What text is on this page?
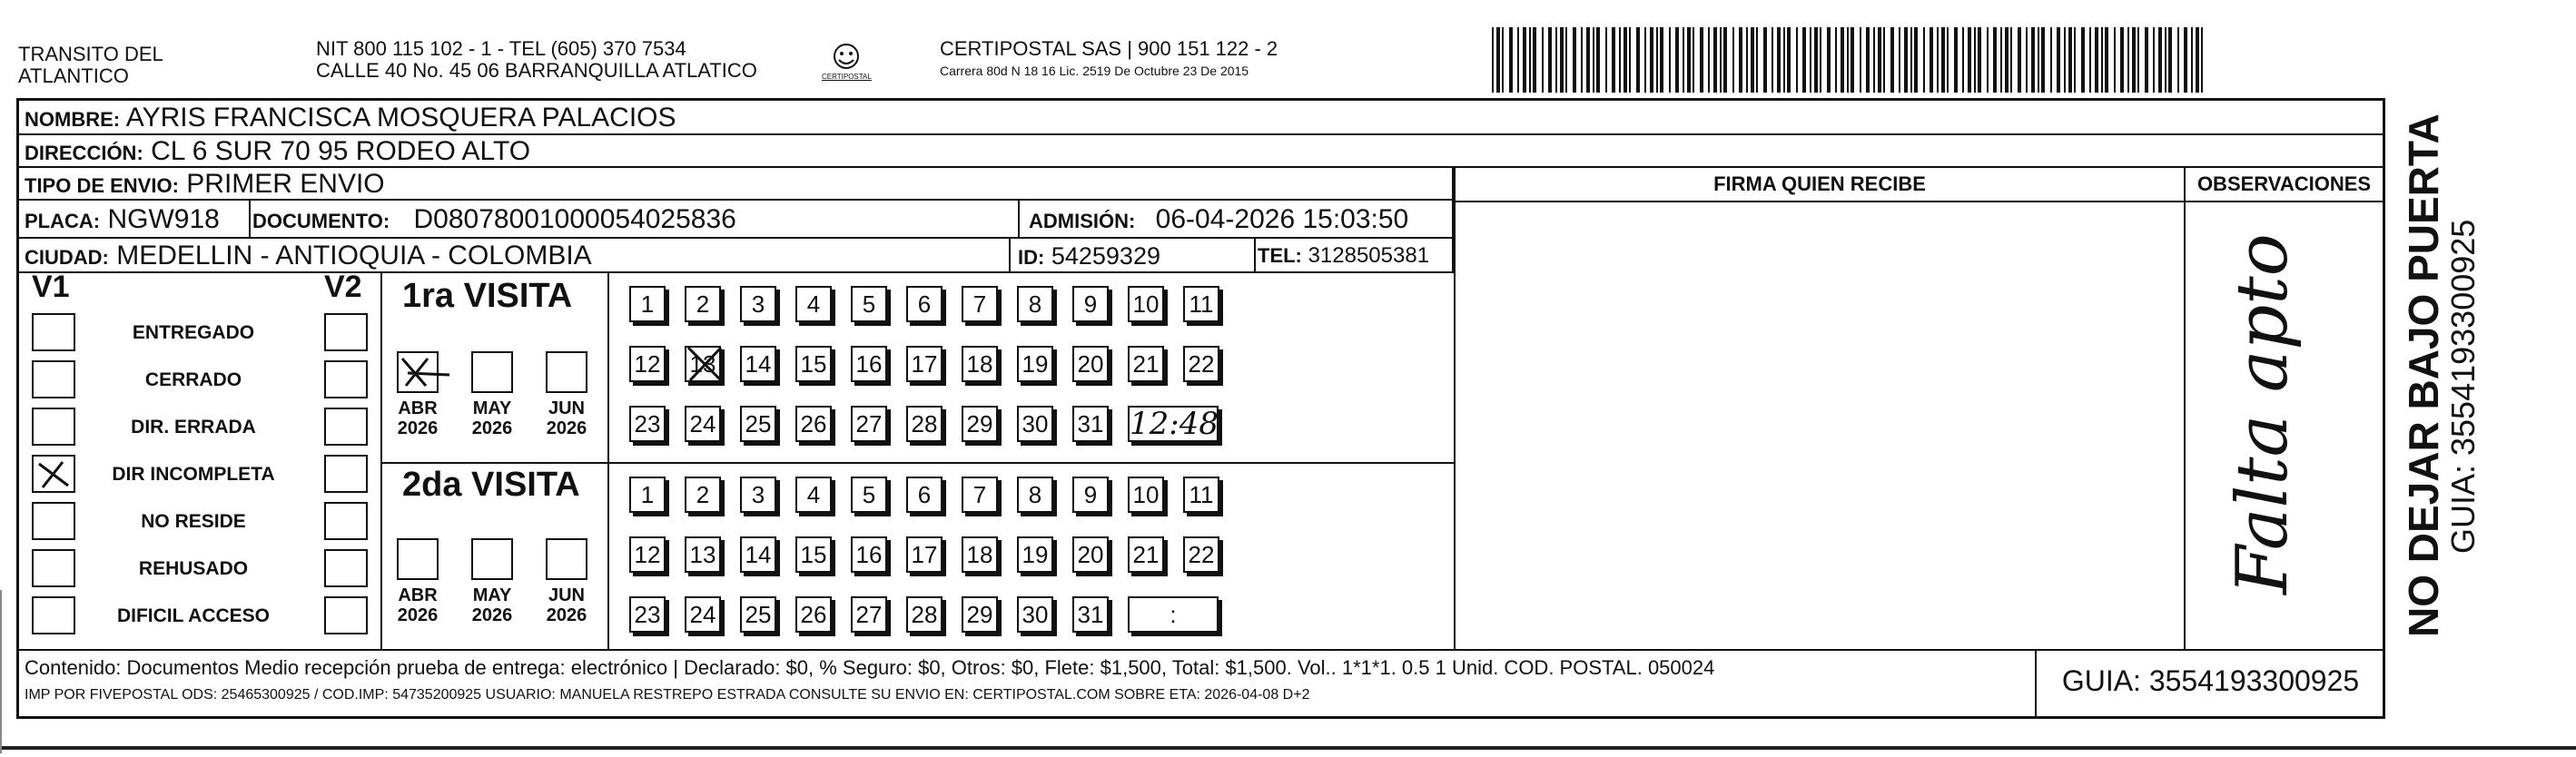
TRANSITO DEL
ATLANTICO
NIT 800 115 102 - 1 - TEL (605) 370 7534
CALLE 40 No. 45 06 BARRANQUILLA ATLATICO	CERTIPOSTAL
CERTIPOSTAL SAS | 900 151 122 - 2
Carrera 80d N 18 16 Lic. 2519 De Octubre 23 De 2015
NOMBRE: AYRIS FRANCISCA MOSQUERA PALACIOS
DIRECCIÓN: CL 6 SUR 70 95 RODEO ALTO
TIPO DE ENVIO: PRIMER ENVIO
PLACA: NGW918	DOCUMENTO: D08078001000054025836	ADMISIÓN: 06-04-2026 15:03:50
CIUDAD: MEDELLIN - ANTIOQUIA - COLOMBIA	ID: 54259329	TEL: 3128505381
FIRMA QUIEN RECIBE	OBSERVACIONES
Falta apto
V1	V2
ENTREGADO
CERRADO
DIR. ERRADA
DIR INCOMPLETA
NO RESIDE
REHUSADO
DIFICIL ACCESO
1ra VISITA
ABR
2026
MAY
2026
JUN
2026
1	2	3	4	5	6	7	8	9	10 11
12 13 14 15 16 17 18 19 20 21 22
23 24 25 26 27 28 29 30 31 12:48
2da VISITA
ABR
2026
MAY
2026
JUN
2026
1	2	3	4	5	6	7	8	9	10 11
12 13 14 15 16 17 18 19 20 21 22
23 24 25 26 27 28 29 30 31	:
Contenido: Documentos Medio recepción prueba de entrega: electrónico | Declarado: $0, % Seguro: $0, Otros: $0, Flete: $1,500, Total: $1,500. Vol.. 1*1*1. 0.5 1 Unid. COD. POSTAL. 050024
IMP POR FIVEPOSTAL ODS: 25465300925 / COD.IMP: 54735200925 USUARIO: MANUELA RESTREPO ESTRADA CONSULTE SU ENVIO EN: CERTIPOSTAL.COM SOBRE ETA: 2026-04-08 D+2	GUIA: 3554193300925
NO DEJAR BAJO PUERTA
GUIA: 3554193300925
